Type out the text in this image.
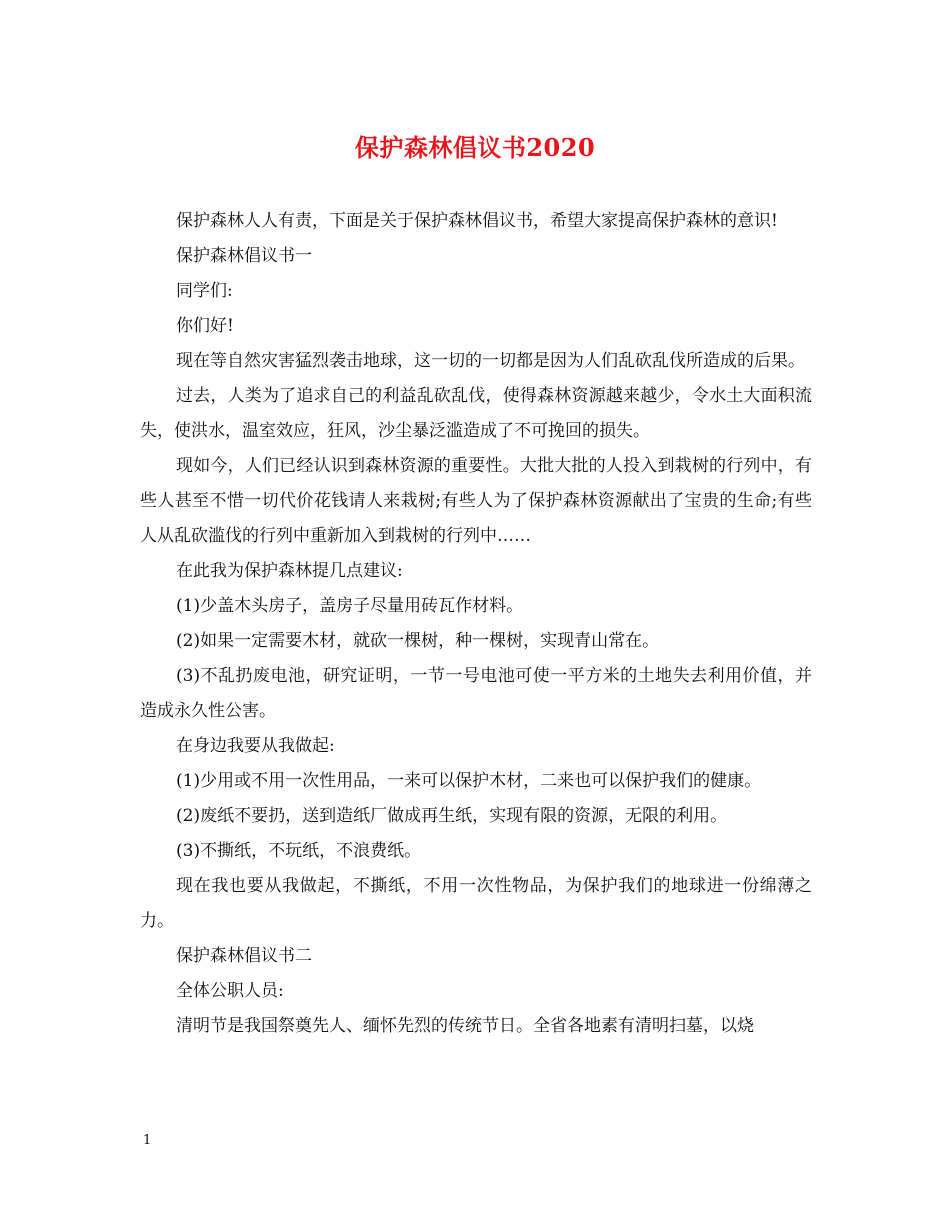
保护森林倡议书2020

保护森林人人有责，下面是关于保护森林倡议书，希望大家提高保护森林的意识!

保护森林倡议书一

同学们:

你们好!

现在等自然灾害猛烈袭击地球，这一切的一切都是因为人们乱砍乱伐所造成的后果。

过去，人类为了追求自己的利益乱砍乱伐，使得森林资源越来越少，令水土大面积流失，使洪水，温室效应，狂风，沙尘暴泛滥造成了不可挽回的损失。

现如今，人们已经认识到森林资源的重要性。大批大批的人投入到栽树的行列中，有些人甚至不惜一切代价花钱请人来栽树;有些人为了保护森林资源献出了宝贵的生命;有些人从乱砍滥伐的行列中重新加入到栽树的行列中……

在此我为保护森林提几点建议:

(1)少盖木头房子，盖房子尽量用砖瓦作材料。

(2)如果一定需要木材，就砍一棵树，种一棵树，实现青山常在。

(3)不乱扔废电池，研究证明，一节一号电池可使一平方米的土地失去利用价值，并造成永久性公害。

在身边我要从我做起:

(1)少用或不用一次性用品，一来可以保护木材，二来也可以保护我们的健康。

(2)废纸不要扔，送到造纸厂做成再生纸，实现有限的资源，无限的利用。

(3)不撕纸，不玩纸，不浪费纸。

现在我也要从我做起，不撕纸，不用一次性物品，为保护我们的地球进一份绵薄之力。

保护森林倡议书二

全体公职人员:

清明节是我国祭奠先人、缅怀先烈的传统节日。全省各地素有清明扫墓，以烧

1
